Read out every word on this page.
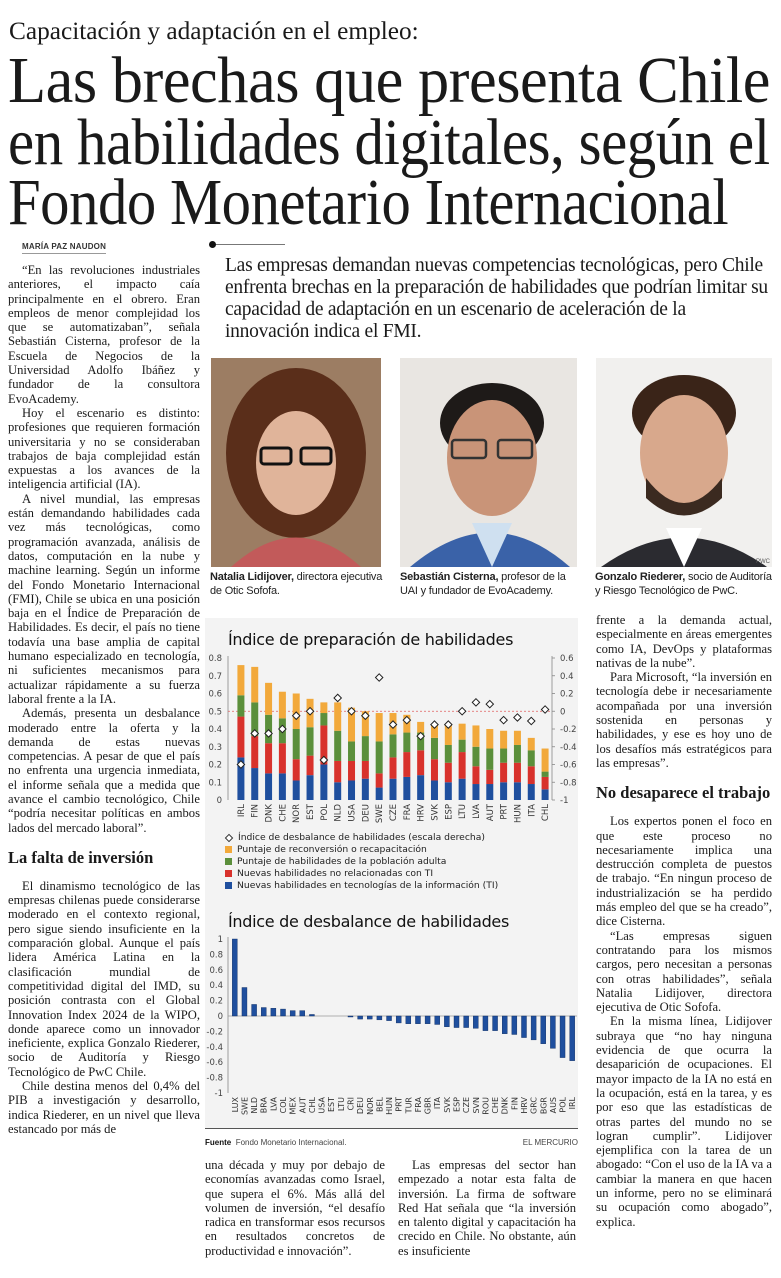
Capacitación y adaptación en el empleo:
Las brechas que presenta Chile
en habilidades digitales, según el
Fondo Monetario Internacional
MARÍA PAZ NAUDON
Las empresas demandan nuevas competencias tecnológicas, pero Chile enfrenta brechas en la preparación de habilidades que podrían limitar su capacidad de adaptación en un escenario de aceleración de la innovación indica el FMI.

“En las revoluciones industriales anteriores, el impacto caía principalmente en el obrero. Eran empleos de menor complejidad los que se automatizaban”, señala Sebastián Cisterna, profesor de la Escuela de Negocios de la Universidad Adolfo Ibáñez y fundador de la consultora EvoAcademy.

Hoy el escenario es distinto: profesiones que requieren formación universitaria y no se consideraban trabajos de baja complejidad están expuestas a los avances de la inteligencia artificial (IA).

A nivel mundial, las empresas están demandando habilidades cada vez más tecnológicas, como programación avanzada, análisis de datos, computación en la nube y machine learning. Según un informe del Fondo Monetario Internacional (FMI), Chile se ubica en una posición baja en el Índice de Preparación de Habilidades. Es decir, el país no tiene todavía una base amplia de capital humano especializado en tecnología, ni suficientes mecanismos para actualizar rápidamente a su fuerza laboral frente a la IA.

Además, presenta un desbalance moderado entre la oferta y la demanda de estas nuevas competencias. A pesar de que el país no enfrenta una urgencia inmediata, el informe señala que a medida que avance el cambio tecnológico, Chile “podría necesitar políticas en ambos lados del mercado laboral”.

La falta de inversión

El dinamismo tecnológico de las empresas chilenas puede considerarse moderado en el contexto regional, pero sigue siendo insuficiente en la comparación global. Aunque el país lidera América Latina en la clasificación mundial de competitividad digital del IMD, su posición contrasta con el Global Innovation Index 2024 de la WIPO, donde aparece como un innovador ineficiente, explica Gonzalo Riederer, socio de Auditoría y Riesgo Tecnológico de PwC Chile.

Chile destina menos del 0,4% del PIB a investigación y desarrollo, indica Riederer, en un nivel que lleva estancado por más de

PWC
Natalia Lidijover, directora ejecutiva de Otic Sofofa.
Sebastián Cisterna, profesor de la UAI y fundador de EvoAcademy.
Gonzalo Riederer, socio de Auditoría y Riesgo Tecnológico de PwC.
Índice de preparación de habilidades
0
0.1
0.2
0.3
0.4
0.5
0.6
0.7
0.8
-1
-0.8
-0.6
-0.4
-0.2
0
0.2
0.4
0.6
IRL FIN DNK CHE NOR EST POL NLD USA DEU SWE CZE FRA HRV SVK ESP LTU LVA AUT PRT HUN ITA CHL
Índice de desbalance de habilidades (escala derecha)
Puntaje de reconversión o recapacitación
Puntaje de habilidades de la población adulta
Nuevas habilidades no relacionadas con TI
Nuevas habilidades en tecnologías de la información (TI)
Índice de desbalance de habilidades
-1
-0.8
-0.6
-0.4
-0.2
0
0.2
0.4
0.6
0.8
1
LUX SWE NLD BRA LVA COL MEX AUT CHL USA EST LTU CRI DEU NOR BEL HUN PRT TUR FRA GBR ITA SVK ESP CZE SVN ROU CHE DNK FIN HRV GRC BGR AUS POL IRL
Fuente Fondo Monetario Internacional.	EL MERCURIO

una década y muy por debajo de economías avanzadas como Israel, que supera el 6%. Más allá del volumen de inversión, “el desafío radica en transformar esos recursos en resultados concretos de productividad e innovación”.

Las empresas del sector han empezado a notar esta falta de inversión. La firma de software Red Hat señala que “la inversión en talento digital y capacitación ha crecido en Chile. No obstante, aún es insuficiente

frente a la demanda actual, especialmente en áreas emergentes como IA, DevOps y plataformas nativas de la nube”.

Para Microsoft, “la inversión en tecnología debe ir necesariamente acompañada por una inversión sostenida en personas y habilidades, y ese es hoy uno de los desafíos más estratégicos para las empresas”.

No desaparece el trabajo

Los expertos ponen el foco en que este proceso no necesariamente implica una destrucción completa de puestos de trabajo. “En ningun proceso de industrialización se ha perdido más empleo del que se ha creado”, dice Cisterna.

“Las empresas siguen contratando para los mismos cargos, pero necesitan a personas con otras habilidades”, señala Natalia Lidijover, directora ejecutiva de Otic Sofofa.

En la misma línea, Lidijover subraya que “no hay ninguna evidencia de que ocurra la desaparición de ocupaciones. El mayor impacto de la IA no está en la ocupación, está en la tarea, y es por eso que las estadísticas de otras partes del mundo no se logran cumplir”. Lidijover ejemplifica con la tarea de un abogado: “Con el uso de la IA va a cambiar la manera en que hacen un informe, pero no se eliminará su ocupación como abogado”, explica.
